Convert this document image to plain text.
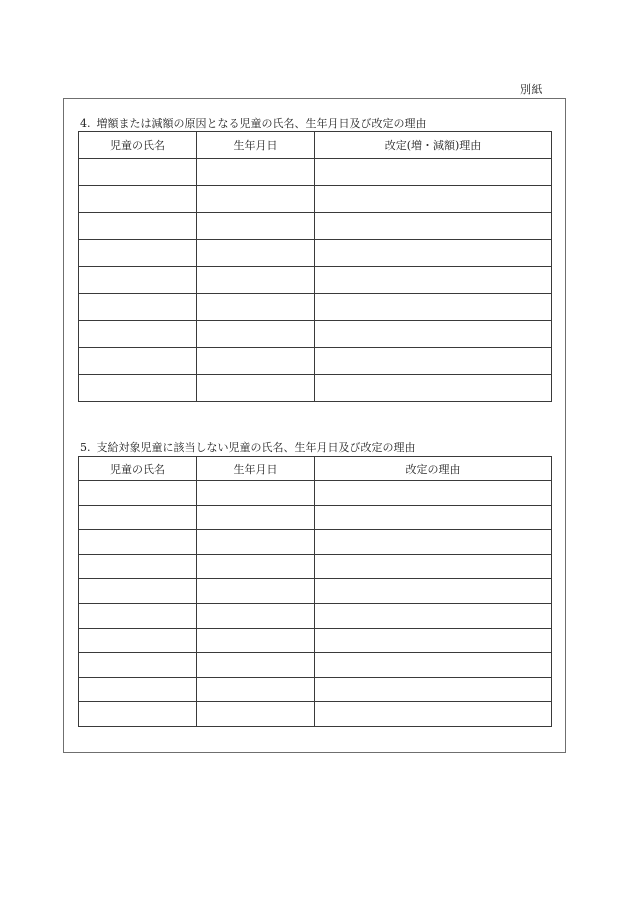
別紙
4. 増額または減額の原因となる児童の氏名、生年月日及び改定の理由
児童の氏名	生年月日	改定(増・減額)理由

5. 支給対象児童に該当しない児童の氏名、生年月日及び改定の理由
児童の氏名	生年月日	改定の理由
